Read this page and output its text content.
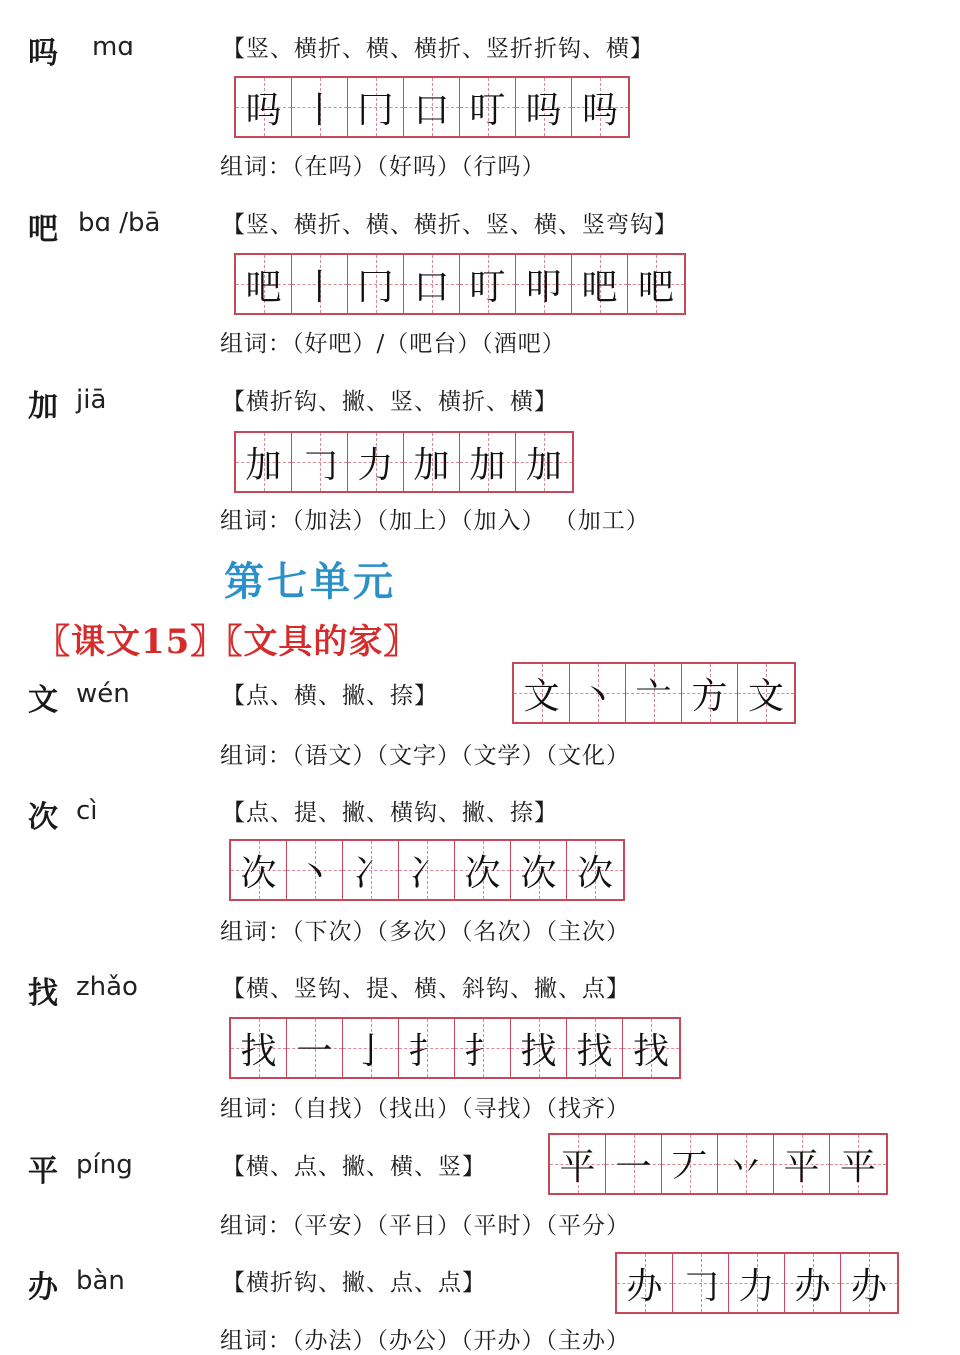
吗 mɑ	【竖、横折、横、横折、竖折折钩、横】
吗 丨 冂 口 叮 吗 吗
组词：（在吗）（好吗）（行吗）
吧 bɑ /bā	【竖、横折、横、横折、竖、横、竖弯钩】
吧 丨 冂 口 叮 叩 吧 吧
组词：（好吧）/（吧台）（酒吧）
加 jiā	【横折钩、撇、竖、横折、横】
加 𠃌 力 加 加 加
组词：（加法）（加上）（加入） （加工）
第七单元
〖课文15〗〖文具的家〗
文 wén	【点、横、撇、捺】 文 丶 亠 方 文
组词：（语文）（文字）（文学）（文化）
次 cì	【点、提、撇、横钩、撇、捺】
次 丶 冫 冫 次 次 次
组词：（下次）（多次）（名次）（主次）
找 zhǎo	【横、竖钩、提、横、斜钩、撇、点】
找 一 亅 扌 扌 找 找 找
组词：（自找）（找出）（寻找）（找齐）
平 píng	【横、点、撇、横、竖】 平 一 丆 丷 平 平
组词：（平安）（平日）（平时）（平分）
办 bàn	【横折钩、撇、点、点】	办 𠃌 力 办 办
组词：（办法）（办公）（开办）（主办）
